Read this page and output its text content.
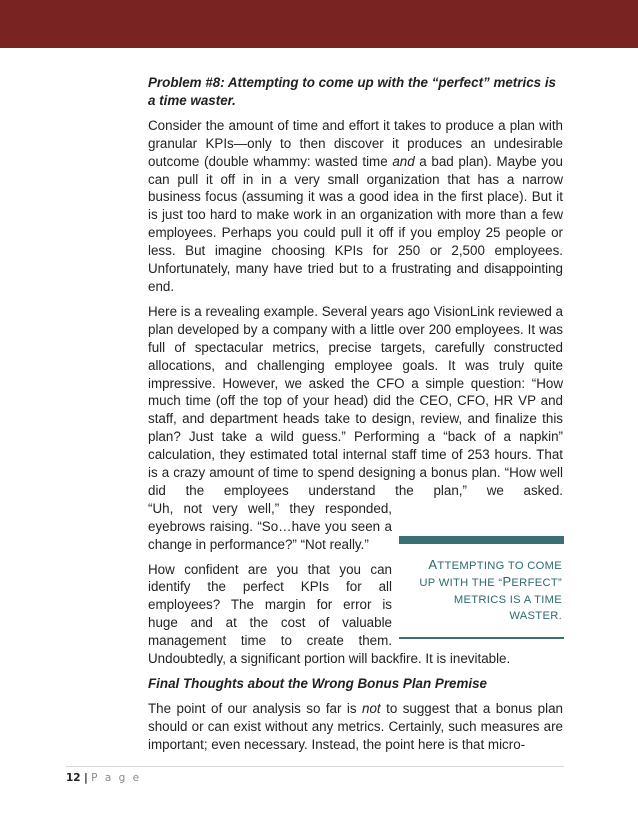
Problem #8: Attempting to come up with the “perfect” metrics is a time waster.

Consider the amount of time and effort it takes to produce a plan with granular KPIs—only to then discover it produces an undesirable outcome (double whammy: wasted time and a bad plan). Maybe you can pull it off in in a very small organization that has a narrow business focus (assuming it was a good idea in the first place). But it is just too hard to make work in an organization with more than a few employees. Perhaps you could pull it off if you employ 25 people or less. But imagine choosing KPIs for 250 or 2,500 employees. Unfortunately, many have tried but to a frustrating and disappointing end.

Here is a revealing example. Several years ago VisionLink reviewed a plan developed by a company with a little over 200 employees. It was full of spectacular metrics, precise targets, carefully constructed allocations, and challenging employee goals. It was truly quite impressive. However, we asked the CFO a simple question: “How much time (off the top of your head) did the CEO, CFO, HR VP and staff, and department heads take to design, review, and finalize this plan? Just take a wild guess.” Performing a “back of a napkin” calculation, they estimated total internal staff time of 253 hours. That is a crazy amount of time to spend designing a bonus plan. “How well did the employees understand the plan,” we asked.

“Uh, not very well,” they responded,
eyebrows raising. “So…have you seen a
change in performance?” “Not really.”
How confident are you that you can
identify the perfect KPIs for all
employees? The margin for error is
huge and at the cost of valuable
management time to create them.
Undoubtedly, a significant portion will backfire. It is inevitable.
ATTEMPTING TO COME
UP WITH THE “PERFECT”
METRICS IS A TIME
WASTER.

Final Thoughts about the Wrong Bonus Plan Premise

The point of our analysis so far is not to suggest that a bonus plan should or can exist without any metrics. Certainly, such measures are important; even necessary. Instead, the point here is that micro-

12 | P a g e
